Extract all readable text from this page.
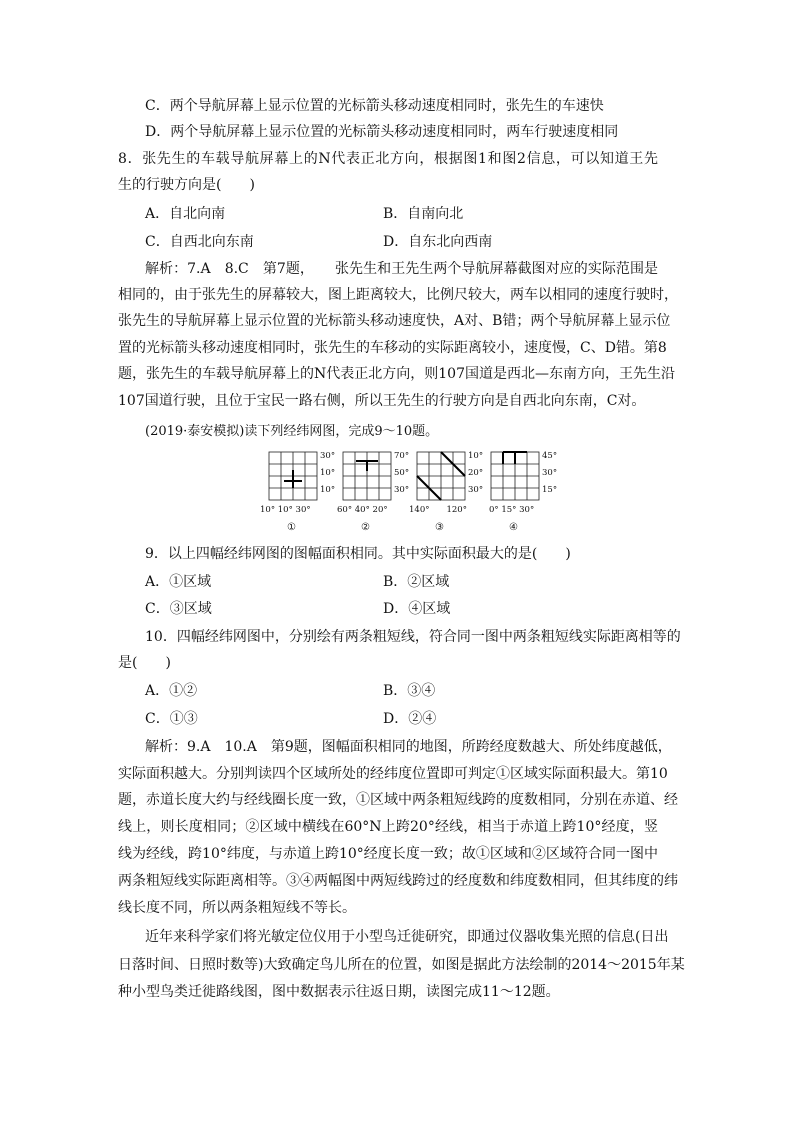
C．两个导航屏幕上显示位置的光标箭头移动速度相同时，张先生的车速快
D．两个导航屏幕上显示位置的光标箭头移动速度相同时，两车行驶速度相同
8．张先生的车载导航屏幕上的N代表正北方向，根据图1和图2信息，可以知道王先
生的行驶方向是(　　)
A．自北向南	B．自南向北
C．自西北向东南	D．自东北向西南
解析：7.A　8.C　第7题，　　张先生和王先生两个导航屏幕截图对应的实际范围是
相同的，由于张先生的屏幕较大，图上距离较大，比例尺较大，两车以相同的速度行驶时，
张先生的导航屏幕上显示位置的光标箭头移动速度快，A对、B错；两个导航屏幕上显示位
置的光标箭头移动速度相同时，张先生的车移动的实际距离较小，速度慢，C、D错。第8
题，张先生的车载导航屏幕上的N代表正北方向，则107国道是西北—东南方向，王先生沿
107国道行驶，且位于宝民一路右侧，所以王先生的行驶方向是自西北向东南，C对。
(2019·泰安模拟)读下列经纬网图，完成9～10题。
30°
10°
10°
10° 10° 30°
①
70°
50°
30°
60° 40° 20°
②
10°
20°
30°
140°　　120°
③
45°
30°
15°
0° 15° 30°
④
9．以上四幅经纬网图的图幅面积相同。其中实际面积最大的是(　　)
A．①区域	B．②区域
C．③区域	D．④区域
10．四幅经纬网图中，分别绘有两条粗短线，符合同一图中两条粗短线实际距离相等的
是(　　)
A．①②	B．③④
C．①③	D．②④
解析：9.A　10.A　第9题，图幅面积相同的地图，所跨经度数越大、所处纬度越低，
实际面积越大。分别判读四个区域所处的经纬度位置即可判定①区域实际面积最大。第10
题，赤道长度大约与经线圈长度一致，①区域中两条粗短线跨的度数相同，分别在赤道、经
线上，则长度相同；②区域中横线在60°N上跨20°经线，相当于赤道上跨10°经度，竖
线为经线，跨10°纬度，与赤道上跨10°经度长度一致；故①区域和②区域符合同一图中
两条粗短线实际距离相等。③④两幅图中两短线跨过的经度数和纬度数相同，但其纬度的纬
线长度不同，所以两条粗短线不等长。
近年来科学家们将光敏定位仪用于小型鸟迁徙研究，即通过仪器收集光照的信息(日出
日落时间、日照时数等)大致确定鸟儿所在的位置，如图是据此方法绘制的2014～2015年某
种小型鸟类迁徙路线图，图中数据表示往返日期，读图完成11～12题。
